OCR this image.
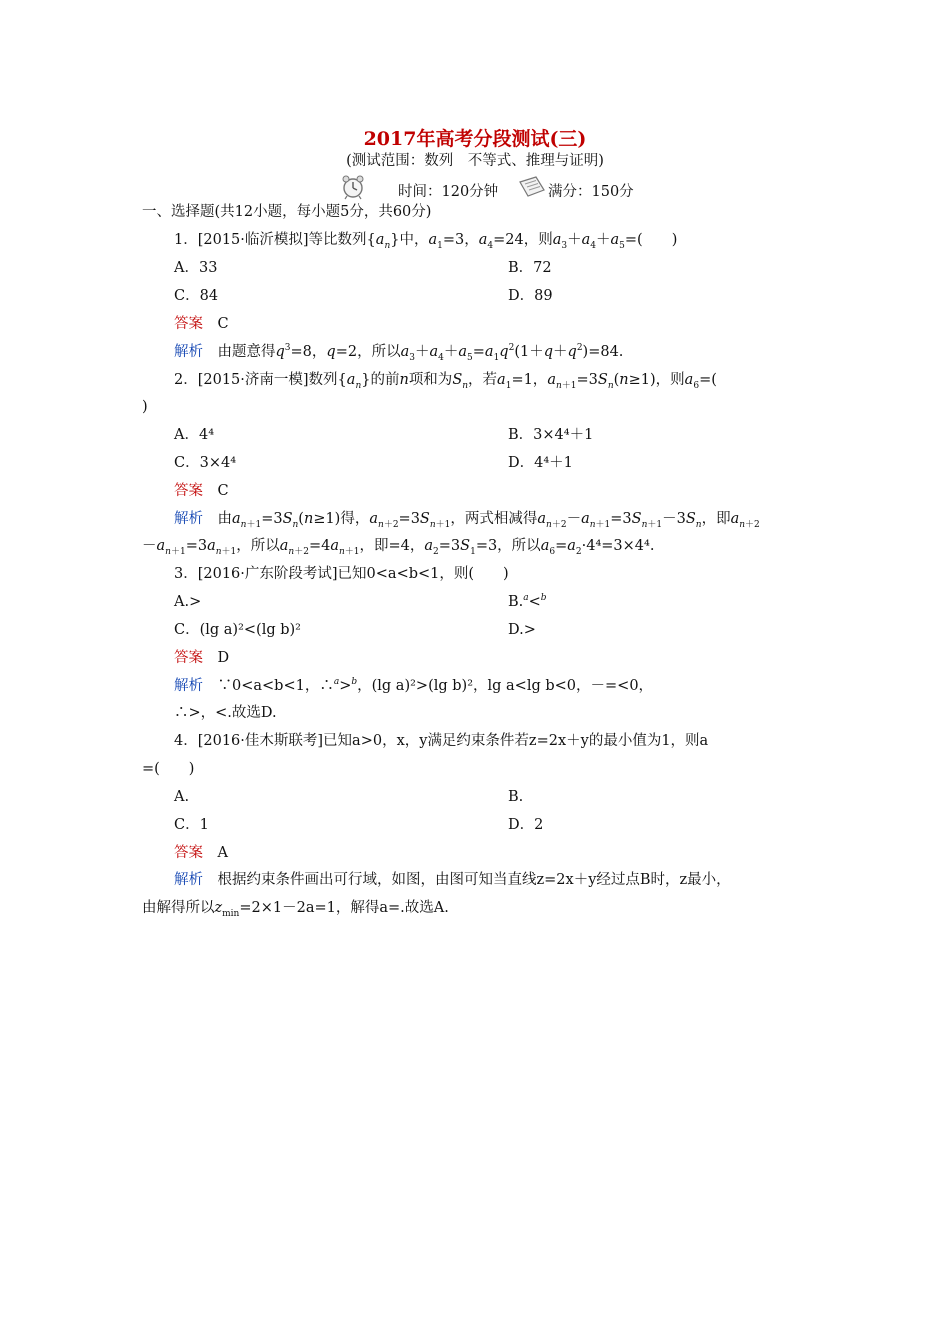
2017年高考分段测试(三)
(测试范围：数列　不等式、推理与证明)
时间：120分钟	满分：150分
一、选择题(共12小题，每小题5分，共60分)
1．[2015·临沂模拟]等比数列$\{a_n\}$中，$a_1=3$，$a_4=24$，则$a_3+a_4+a_5=$(　　)
A．33	B．72
C．84	D．89
答案　 C
解析　 由题意得$q^3=8$，q=2，所以$a_3+a_4+a_5=a_1q^2(1+q+q^2)=84$.
2．[2015·济南一模]数列$\{a_n\}$的前n项和为$S_n$，若$a_1=1$，$a_{n+1}=3S_n(n\ge 1)$，则$a_6=$(
)
A．4⁴	B．3×4⁴＋1
C．3×4⁴	D．4⁴＋1
答案　 C
解析　 由$a_{n+1}=3S_n(n\ge 1)$得，$a_{n+2}=3S_{n+1}$，两式相减得$a_{n+2}-a_{n+1}=3S_{n+1}-3S_n$，即$a_{n+2}$
$-a_{n+1}=3a_{n+1}$，所以$a_{n+2}=4a_{n+1}$，即=4，$a_2=3S_1=3$，所以$a_6=a_2\cdot 4^4=3\times 4^4$.
3．[2016·广东阶段考试]已知0<a<b<1，则(　　)
A.>	B.$^a$<$^b$
C．(lg a)²<(lg b)²	D.>
答案　 D
解析　 ∵0<a<b<1，∴$^a$>$^b$，(lg a)²>(lg b)²，lg a<lg b<0，－=<0，
∴>，<.故选D.
4．[2016·佳木斯联考]已知a>0，x，y满足约束条件若z=2x＋y的最小值为1，则a
=(　　)
A.	B.
C．1	D．2
答案　 A
解析　 根据约束条件画出可行域，如图，由图可知当直线z=2x＋y经过点B时，z最小，
由解得所以$z_{min}=2\times 1-2a=1$，解得a=.故选A.
